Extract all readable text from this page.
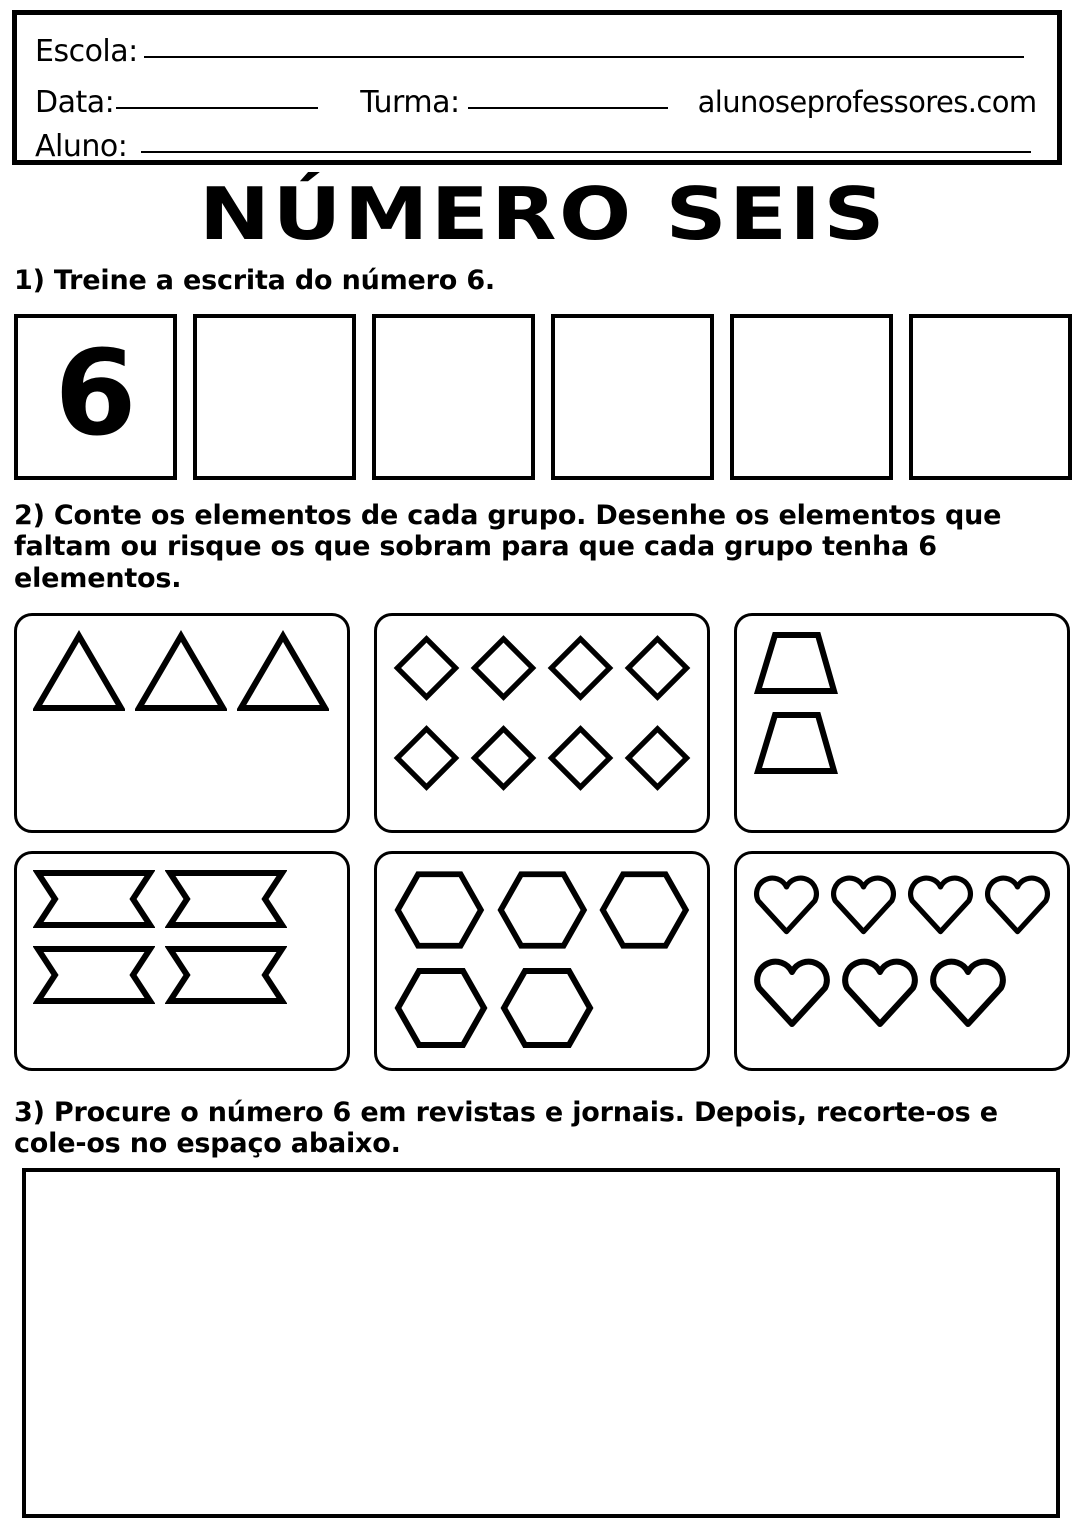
Escola:
Data:	Turma:	alunoseprofessores.com
Aluno:
NÚMERO SEIS
1) Treine a escrita do número 6.
6
2) Conte os elementos de cada grupo. Desenhe os elementos que
faltam ou risque os que sobram para que cada grupo tenha 6
elementos.
3) Procure o número 6 em revistas e jornais. Depois, recorte-os e
cole-os no espaço abaixo.
